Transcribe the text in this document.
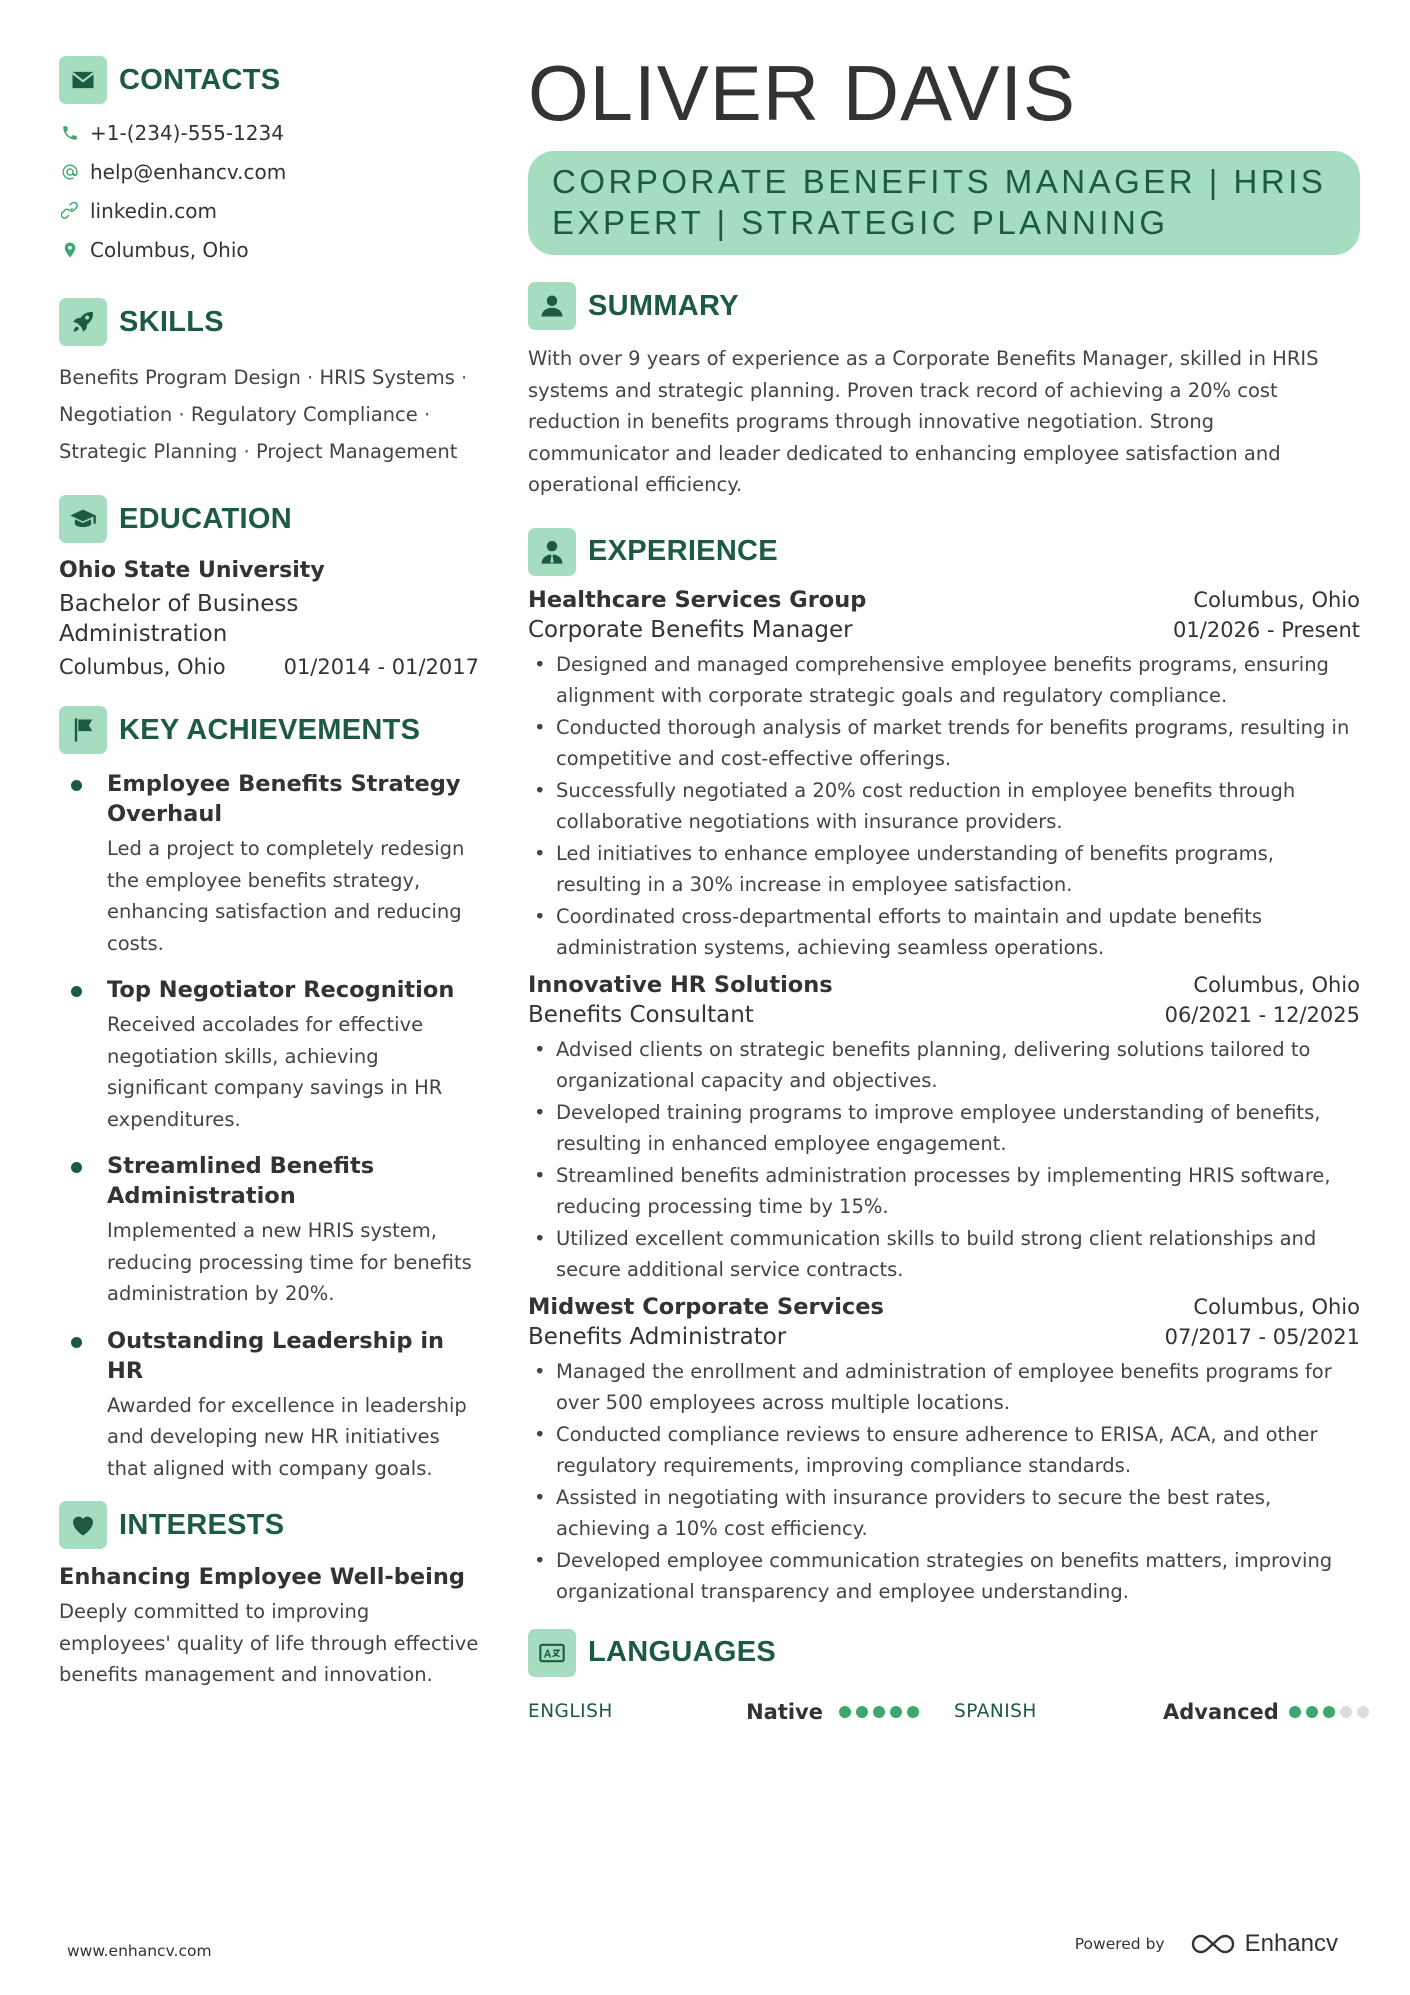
CONTACTS
+1-(234)-555-1234
help@enhancv.com
linkedin.com
Columbus, Ohio
SKILLS
Benefits Program Design · HRIS Systems ·
Negotiation · Regulatory Compliance ·
Strategic Planning · Project Management
EDUCATION
Ohio State University
Bachelor of Business Administration
Columbus, Ohio	01/2014 - 01/2017
KEY ACHIEVEMENTS
Employee Benefits Strategy Overhaul
Led a project to completely redesign the employee benefits strategy, enhancing satisfaction and reducing costs.
Top Negotiator Recognition
Received accolades for effective negotiation skills, achieving significant company savings in HR expenditures.
Streamlined Benefits Administration
Implemented a new HRIS system, reducing processing time for benefits administration by 20%.
Outstanding Leadership in HR
Awarded for excellence in leadership and developing new HR initiatives that aligned with company goals.
INTERESTS
Enhancing Employee Well-being
Deeply committed to improving employees' quality of life through effective benefits management and innovation.
OLIVER DAVIS
CORPORATE BENEFITS MANAGER | HRIS EXPERT | STRATEGIC PLANNING
SUMMARY
With over 9 years of experience as a Corporate Benefits Manager, skilled in HRIS systems and strategic planning. Proven track record of achieving a 20% cost reduction in benefits programs through innovative negotiation. Strong communicator and leader dedicated to enhancing employee satisfaction and operational efficiency.
EXPERIENCE
Healthcare Services Group	Columbus, Ohio
Corporate Benefits Manager	01/2026 - Present
• Designed and managed comprehensive employee benefits programs, ensuring alignment with corporate strategic goals and regulatory compliance.
• Conducted thorough analysis of market trends for benefits programs, resulting in competitive and cost-effective offerings.
• Successfully negotiated a 20% cost reduction in employee benefits through collaborative negotiations with insurance providers.
• Led initiatives to enhance employee understanding of benefits programs, resulting in a 30% increase in employee satisfaction.
• Coordinated cross-departmental efforts to maintain and update benefits administration systems, achieving seamless operations.
Innovative HR Solutions	Columbus, Ohio
Benefits Consultant	06/2021 - 12/2025
• Advised clients on strategic benefits planning, delivering solutions tailored to organizational capacity and objectives.
• Developed training programs to improve employee understanding of benefits, resulting in enhanced employee engagement.
• Streamlined benefits administration processes by implementing HRIS software, reducing processing time by 15%.
• Utilized excellent communication skills to build strong client relationships and secure additional service contracts.
Midwest Corporate Services	Columbus, Ohio
Benefits Administrator	07/2017 - 05/2021
• Managed the enrollment and administration of employee benefits programs for over 500 employees across multiple locations.
• Conducted compliance reviews to ensure adherence to ERISA, ACA, and other regulatory requirements, improving compliance standards.
• Assisted in negotiating with insurance providers to secure the best rates, achieving a 10% cost efficiency.
• Developed employee communication strategies on benefits matters, improving organizational transparency and employee understanding.
LANGUAGES
ENGLISH	Native	SPANISH	Advanced
www.enhancv.com	Powered by	Enhancv
